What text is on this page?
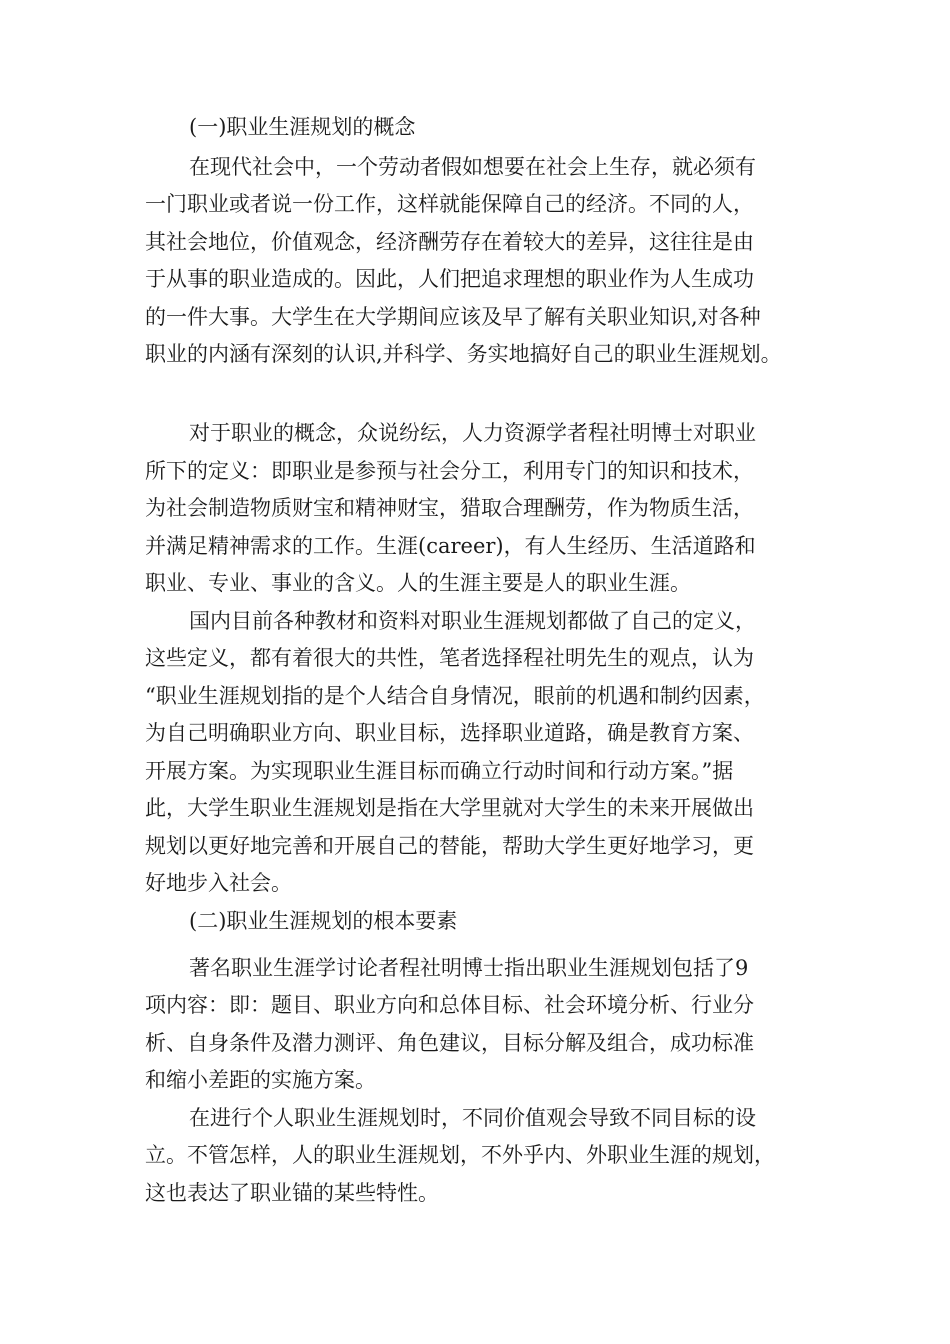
(一)职业生涯规划的概念

在现代社会中，一个劳动者假如想要在社会上生存，就必须有

一门职业或者说一份工作，这样就能保障自己的经济。不同的人，

其社会地位，价值观念，经济酬劳存在着较大的差异，这往往是由

于从事的职业造成的。因此，人们把追求理想的职业作为人生成功

的一件大事。大学生在大学期间应该及早了解有关职业知识,对各种

职业的内涵有深刻的认识,并科学、务实地搞好自己的职业生涯规划。

对于职业的概念，众说纷纭，人力资源学者程社明博士对职业

所下的定义：即职业是参预与社会分工，利用专门的知识和技术，

为社会制造物质财宝和精神财宝，猎取合理酬劳，作为物质生活，

并满足精神需求的工作。生涯(career)，有人生经历、生活道路和

职业、专业、事业的含义。人的生涯主要是人的职业生涯。

国内目前各种教材和资料对职业生涯规划都做了自己的定义，

这些定义，都有着很大的共性，笔者选择程社明先生的观点，认为

“职业生涯规划指的是个人结合自身情况，眼前的机遇和制约因素，

为自己明确职业方向、职业目标，选择职业道路，确是教育方案、

开展方案。为实现职业生涯目标而确立行动时间和行动方案。”据

此，大学生职业生涯规划是指在大学里就对大学生的未来开展做出

规划以更好地完善和开展自己的替能，帮助大学生更好地学习，更

好地步入社会。

(二)职业生涯规划的根本要素

著名职业生涯学讨论者程社明博士指出职业生涯规划包括了9

项内容：即：题目、职业方向和总体目标、社会环境分析、行业分

析、自身条件及潜力测评、角色建议，目标分解及组合，成功标准

和缩小差距的实施方案。

在进行个人职业生涯规划时，不同价值观会导致不同目标的设

立。不管怎样，人的职业生涯规划，不外乎内、外职业生涯的规划，

这也表达了职业锚的某些特性。
